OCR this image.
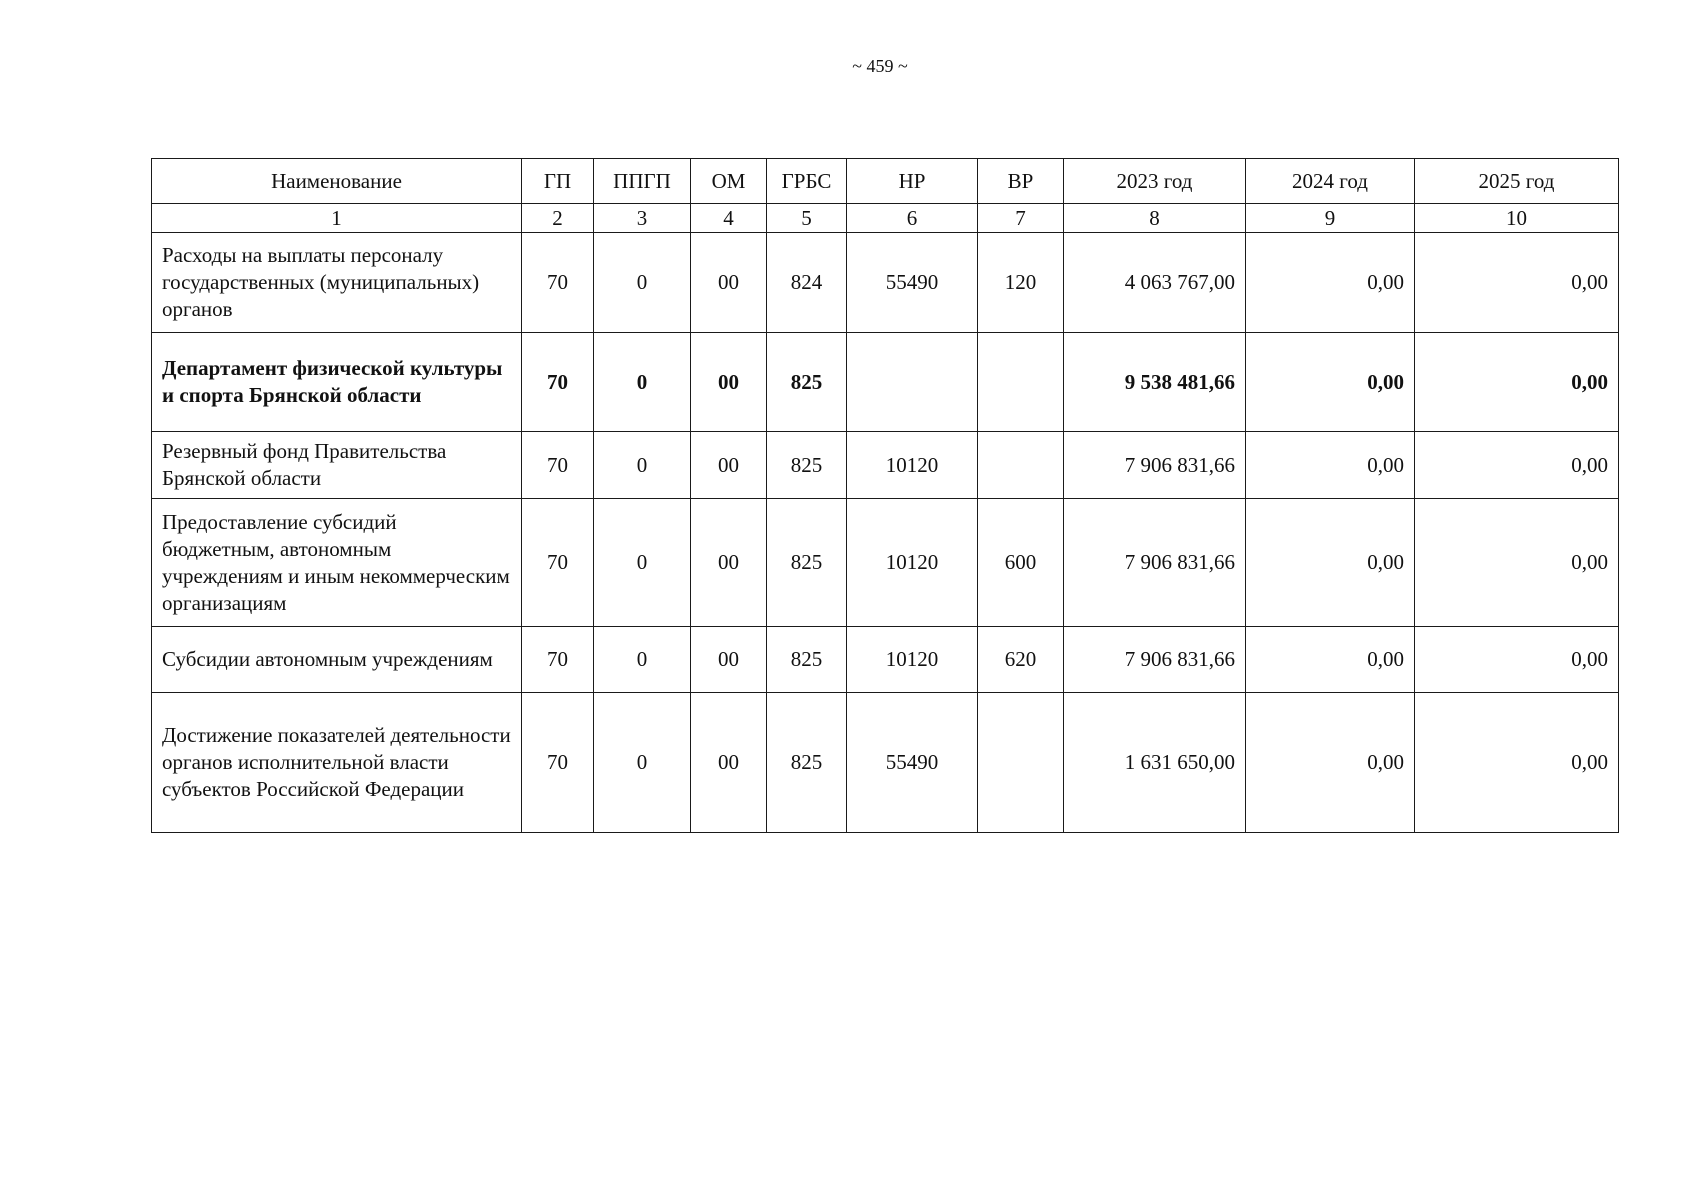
~ 459 ~
Наименование	ГП	ППГП	ОМ	ГРБС	НР	ВР	2023 год	2024 год	2025 год
1	2	3	4	5	6	7	8	9	10
Расходы на выплаты персоналу государственных (муниципальных) органов	70	0	00	824	55490	120	4 063 767,00	0,00	0,00
Департамент физической культуры и спорта Брянской области	70	0	00	825			9 538 481,66	0,00	0,00
Резервный фонд Правительства Брянской области	70	0	00	825	10120		7 906 831,66	0,00	0,00
Предоставление субсидий бюджетным, автономным учреждениям и иным некоммерческим организациям	70	0	00	825	10120	600	7 906 831,66	0,00	0,00
Субсидии автономным учреждениям	70	0	00	825	10120	620	7 906 831,66	0,00	0,00
Достижение показателей деятельности органов исполнительной власти субъектов Российской Федерации	70	0	00	825	55490		1 631 650,00	0,00	0,00
